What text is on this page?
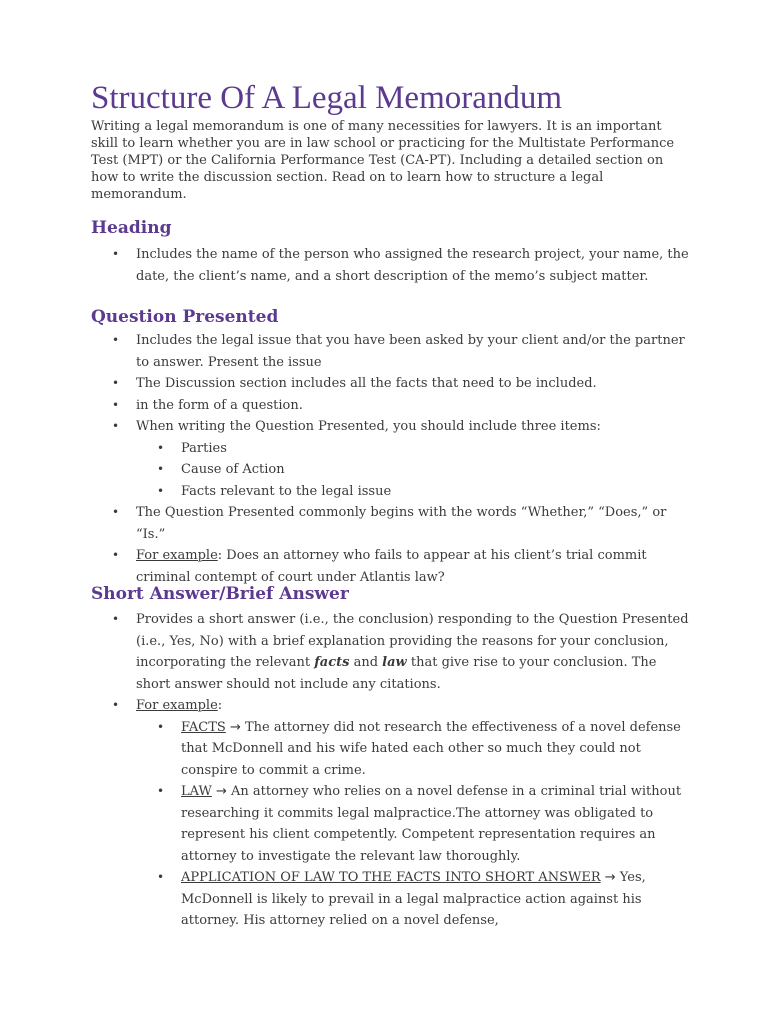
Structure Of A Legal Memorandum

Writing a legal memorandum is one of many necessities for lawyers. It is an important skill to learn whether you are in law school or practicing for the Multistate Performance Test (MPT) or the California Performance Test (CA-PT). Including a detailed section on how to write the discussion section. Read on to learn how to structure a legal memorandum.

Heading
• Includes the name of the person who assigned the research project, your name, the date, the client’s name, and a short description of the memo’s subject matter.
Question Presented
• Includes the legal issue that you have been asked by your client and/or the partner to answer. Present the issue
• The Discussion section includes all the facts that need to be included.
• in the form of a question.
• When writing the Question Presented, you should include three items:
• Parties
• Cause of Action
• Facts relevant to the legal issue
• The Question Presented commonly begins with the words “Whether,” “Does,” or “Is.”
• For example: Does an attorney who fails to appear at his client’s trial commit criminal contempt of court under Atlantis law?
Short Answer/Brief Answer
• Provides a short answer (i.e., the conclusion) responding to the Question Presented (i.e., Yes, No) with a brief explanation providing the reasons for your conclusion, incorporating the relevant facts and law that give rise to your conclusion. The short answer should not include any citations.
• For example:
• FACTS → The attorney did not research the effectiveness of a novel defense that McDonnell and his wife hated each other so much they could not conspire to commit a crime.
• LAW → An attorney who relies on a novel defense in a criminal trial without researching it commits legal malpractice.The attorney was obligated to represent his client competently. Competent representation requires an attorney to investigate the relevant law thoroughly.
• APPLICATION OF LAW TO THE FACTS INTO SHORT ANSWER → Yes, McDonnell is likely to prevail in a legal malpractice action against his attorney. His attorney relied on a novel defense,
